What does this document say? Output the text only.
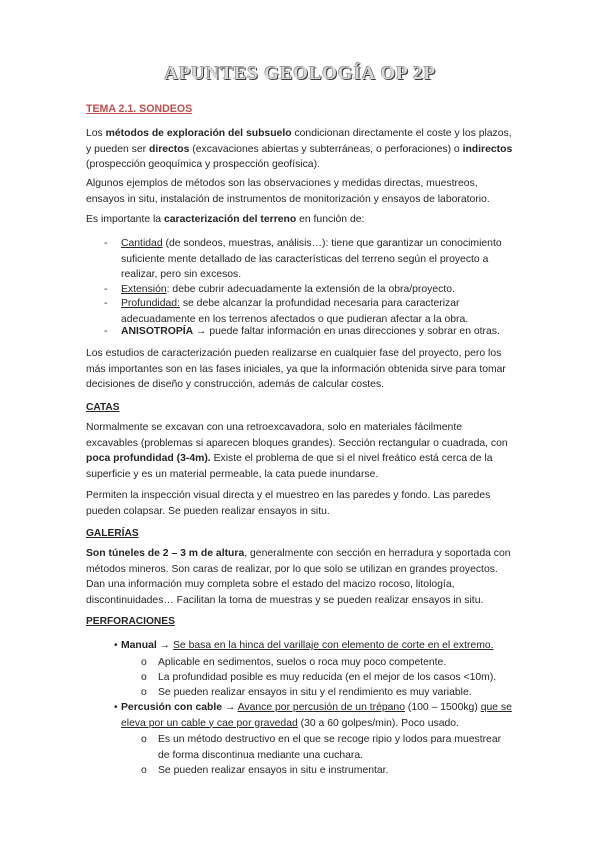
APUNTES GEOLOGÍA OP 2P

TEMA 2.1. SONDEOS

Los métodos de exploración del subsuelo condicionan directamente el coste y los plazos, y pueden ser directos (excavaciones abiertas y subterráneas, o perforaciones) o indirectos (prospección geoquímica y prospección geofísica).

Algunos ejemplos de métodos son las observaciones y medidas directas, muestreos, ensayos in situ, instalación de instrumentos de monitorización y ensayos de laboratorio.

Es importante la caracterización del terreno en función de:

- Cantidad (de sondeos, muestras, análisis…): tiene que garantizar un conocimiento suficiente mente detallado de las características del terreno según el proyecto a realizar, pero sin excesos.
- Extensión: debe cubrir adecuadamente la extensión de la obra/proyecto.
- Profundidad: se debe alcanzar la profundidad necesaria para caracterizar adecuadamente en los terrenos afectados o que pudieran afectar a la obra.
- ANISOTROPÍA → puede faltar información en unas direcciones y sobrar en otras.

Los estudios de caracterización pueden realizarse en cualquier fase del proyecto, pero los más importantes son en las fases iniciales, ya que la información obtenida sirve para tomar decisiones de diseño y construcción, además de calcular costes.

CATAS

Normalmente se excavan con una retroexcavadora, solo en materiales fácilmente excavables (problemas si aparecen bloques grandes). Sección rectangular o cuadrada, con poca profundidad (3-4m). Existe el problema de que si el nivel freático está cerca de la superficie y es un material permeable, la cata puede inundarse.

Permiten la inspección visual directa y el muestreo en las paredes y fondo. Las paredes pueden colapsar. Se pueden realizar ensayos in situ.

GALERÍAS

Son túneles de 2 – 3 m de altura, generalmente con sección en herradura y soportada con métodos mineros. Son caras de realizar, por lo que solo se utilizan en grandes proyectos. Dan una información muy completa sobre el estado del macizo rocoso, litología, discontinuidades… Facilitan la toma de muestras y se pueden realizar ensayos in situ.

PERFORACIONES

• Manual → Se basa en la hinca del varillaje con elemento de corte en el extremo.
o Aplicable en sedimentos, suelos o roca muy poco competente.
o La profundidad posible es muy reducida (en el mejor de los casos <10m).
o Se pueden realizar ensayos in situ y el rendimiento es muy variable.
• Percusión con cable → Avance por percusión de un trépano (100 – 1500kg) que se eleva por un cable y cae por gravedad (30 a 60 golpes/min). Poco usado.
o Es un método destructivo en el que se recoge ripio y lodos para muestrear de forma discontinua mediante una cuchara.
o Se pueden realizar ensayos in situ e instrumentar.
